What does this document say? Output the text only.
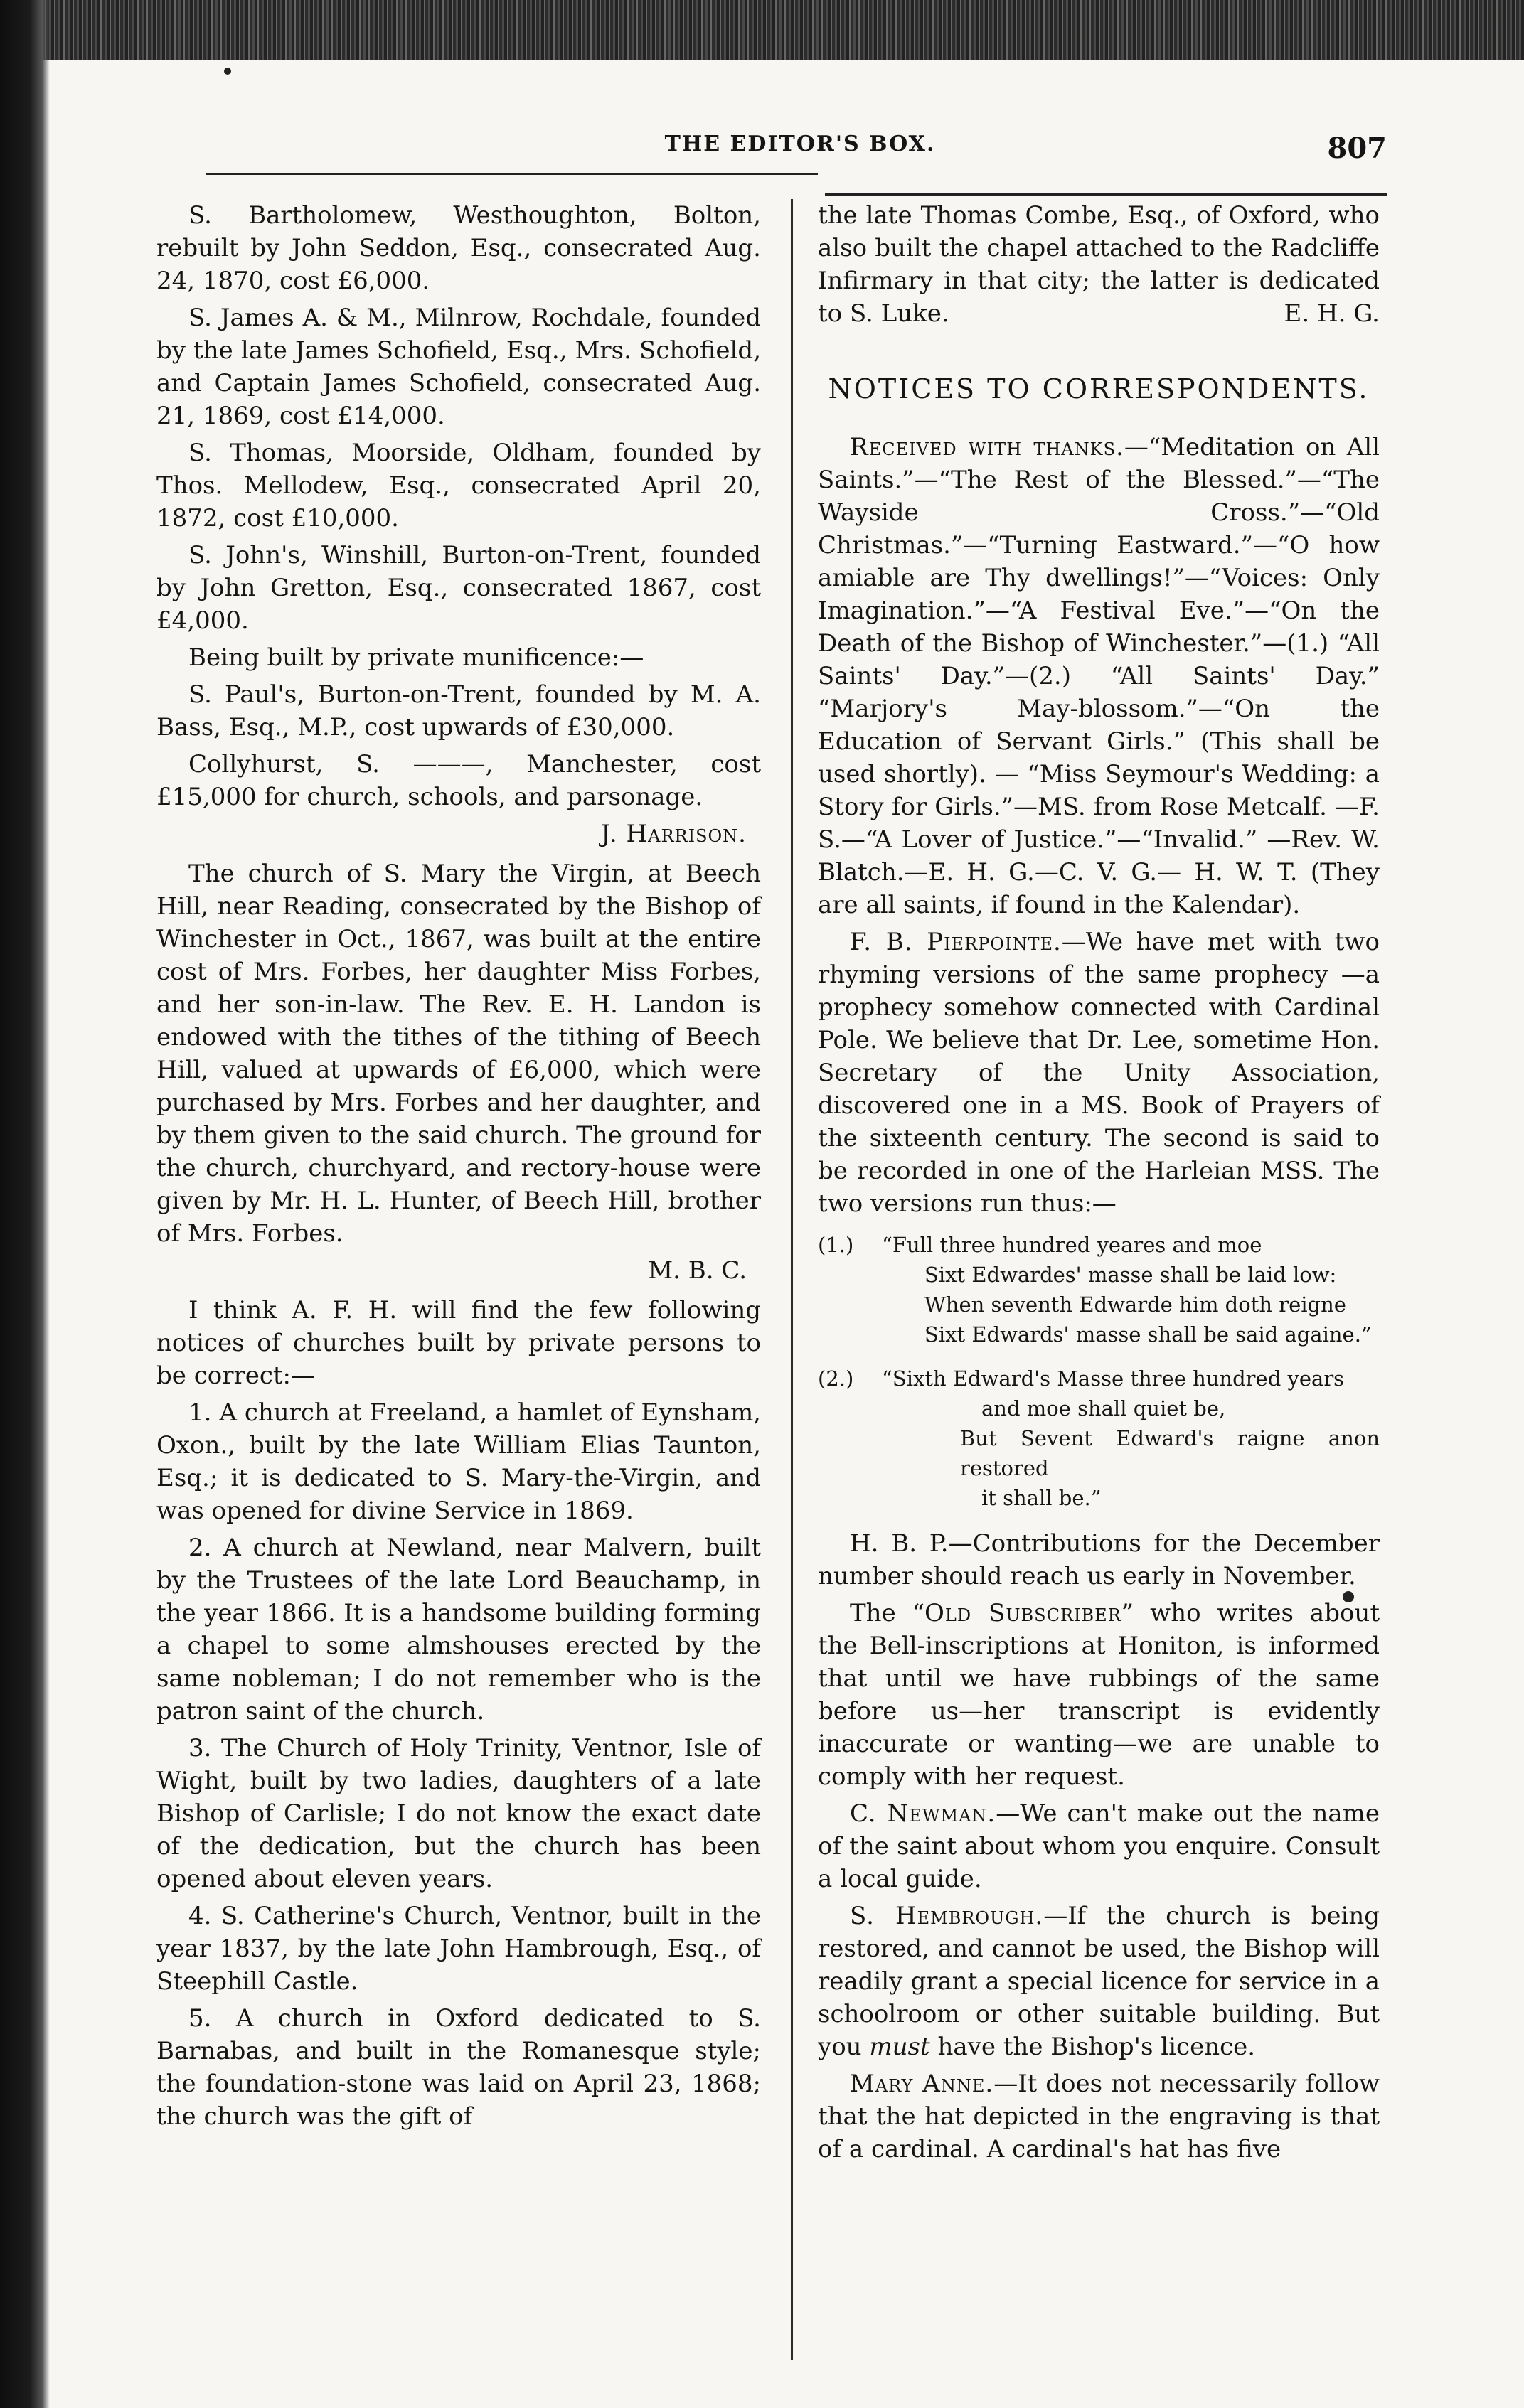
THE EDITOR'S BOX.	807

S. Bartholomew, Westhoughton, Bolton, rebuilt by John Seddon, Esq., consecrated Aug. 24, 1870, cost £6,000.

S. James A. & M., Milnrow, Rochdale, founded by the late James Schofield, Esq., Mrs. Schofield, and Captain James Schofield, consecrated Aug. 21, 1869, cost £14,000.

S. Thomas, Moorside, Oldham, founded by Thos. Mellodew, Esq., consecrated April 20, 1872, cost £10,000.

S. John's, Winshill, Burton-on-Trent, founded by John Gretton, Esq., consecrated 1867, cost £4,000.

Being built by private munificence:—

S. Paul's, Burton-on-Trent, founded by M. A. Bass, Esq., M.P., cost upwards of £30,000.

Collyhurst, S. ———, Manchester, cost £15,000 for church, schools, and parsonage.

J. Harrison.

The church of S. Mary the Virgin, at Beech Hill, near Reading, consecrated by the Bishop of Winchester in Oct., 1867, was built at the entire cost of Mrs. Forbes, her daughter Miss Forbes, and her son-in-law. The Rev. E. H. Landon is endowed with the tithes of the tithing of Beech Hill, valued at upwards of £6,000, which were purchased by Mrs. Forbes and her daughter, and by them given to the said church. The ground for the church, churchyard, and rectory-house were given by Mr. H. L. Hunter, of Beech Hill, brother of Mrs. Forbes.

M. B. C.

I think A. F. H. will find the few following notices of churches built by private persons to be correct:—

1. A church at Freeland, a hamlet of Eynsham, Oxon., built by the late William Elias Taunton, Esq.; it is dedicated to S. Mary-the-Virgin, and was opened for divine Service in 1869.

2. A church at Newland, near Malvern, built by the Trustees of the late Lord Beauchamp, in the year 1866. It is a handsome building forming a chapel to some almshouses erected by the same nobleman; I do not remember who is the patron saint of the church.

3. The Church of Holy Trinity, Ventnor, Isle of Wight, built by two ladies, daughters of a late Bishop of Carlisle; I do not know the exact date of the dedication, but the church has been opened about eleven years.

4. S. Catherine's Church, Ventnor, built in the year 1837, by the late John Hambrough, Esq., of Steephill Castle.

5. A church in Oxford dedicated to S. Barnabas, and built in the Romanesque style; the foundation-stone was laid on April 23, 1868; the church was the gift of

the late Thomas Combe, Esq., of Oxford, who also built the chapel attached to the Radcliffe Infirmary in that city; the latter is dedicated to S. Luke.	E. H. G.

NOTICES TO CORRESPONDENTS.

Received with thanks.—“Meditation on All Saints.”—“The Rest of the Blessed.”—“The Wayside Cross.”—“Old Christmas.”—“Turning Eastward.”—“O how amiable are Thy dwellings!”—“Voices: Only Imagination.”—“A Festival Eve.”—“On the Death of the Bishop of Winchester.”—(1.) “All Saints' Day.”—(2.) “All Saints' Day.” “Marjory's May-blossom.”—“On the Education of Servant Girls.” (This shall be used shortly). — “Miss Seymour's Wedding: a Story for Girls.”—MS. from Rose Metcalf. —F. S.—“A Lover of Justice.”—“Invalid.” —Rev. W. Blatch.—E. H. G.—C. V. G.— H. W. T. (They are all saints, if found in the Kalendar).

F. B. Pierpointe.—We have met with two rhyming versions of the same prophecy —a prophecy somehow connected with Cardinal Pole. We believe that Dr. Lee, sometime Hon. Secretary of the Unity Association, discovered one in a MS. Book of Prayers of the sixteenth century. The second is said to be recorded in one of the Harleian MSS. The two versions run thus:—

(1.)	“Full three hundred yeares and moe
Sixt Edwardes' masse shall be laid low:
When seventh Edwarde him doth reigne
Sixt Edwards' masse shall be said againe.”
(2.)	“Sixth Edward's Masse three hundred years
and moe shall quiet be,
But Sevent Edward's raigne anon restored
it shall be.”

H. B. P.—Contributions for the December number should reach us early in November.

The “Old Subscriber” who writes about the Bell-inscriptions at Honiton, is informed that until we have rubbings of the same before us—her transcript is evidently inaccurate or wanting—we are unable to comply with her request.

C. Newman.—We can't make out the name of the saint about whom you enquire. Consult a local guide.

S. Hembrough.—If the church is being restored, and cannot be used, the Bishop will readily grant a special licence for service in a schoolroom or other suitable building. But you must have the Bishop's licence.

Mary Anne.—It does not necessarily follow that the hat depicted in the engraving is that of a cardinal. A cardinal's hat has five
